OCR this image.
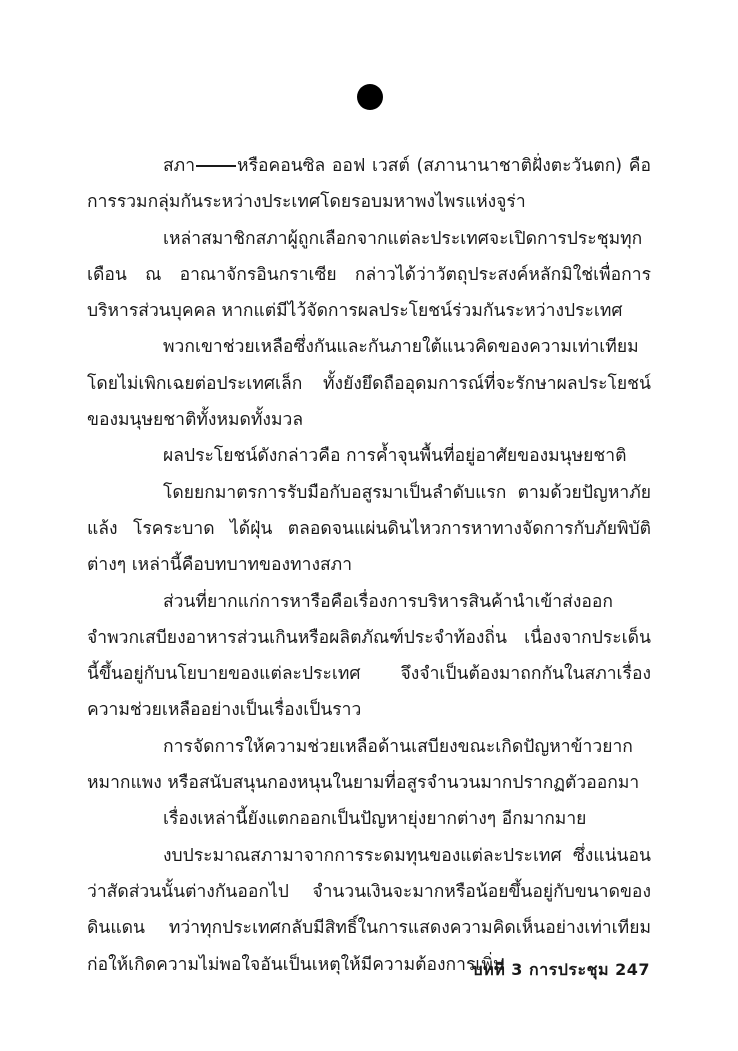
สภา หรือคอนซิล ออฟ เวสต์ (สภานานาชาติฝั่งตะวันตก) คือการรวมกลุ่มกันระหว่างประเทศโดยรอบมหาพงไพรแห่งจูร่า

เหล่าสมาชิกสภาผู้ถูกเลือกจากแต่ละประเทศจะเปิดการประชุมทุกเดือน ณ อาณาจักรอินกราเซีย กล่าวได้ว่าวัตถุประสงค์หลักมิใช่เพื่อการบริหารส่วนบุคคล หากแต่มีไว้จัดการผลประโยชน์ร่วมกันระหว่างประเทศ

พวกเขาช่วยเหลือซึ่งกันและกันภายใต้แนวคิดของความเท่าเทียม โดยไม่เพิกเฉยต่อประเทศเล็ก ทั้งยังยึดถืออุดมการณ์ที่จะรักษาผลประโยชน์ของมนุษยชาติทั้งหมดทั้งมวล

ผลประโยชน์ดังกล่าวคือ การค้ำจุนพื้นที่อยู่อาศัยของมนุษยชาติ

โดยยกมาตรการรับมือกับอสูรมาเป็นลำดับแรก ตามด้วยปัญหาภัยแล้ง โรคระบาด ได้ฝุ่น ตลอดจนแผ่นดินไหวการหาทางจัดการกับภัยพิบัติต่างๆ เหล่านี้คือบทบาทของทางสภา

ส่วนที่ยากแก่การหารือคือเรื่องการบริหารสินค้านำเข้าส่งออกจำพวกเสบียงอาหารส่วนเกินหรือผลิตภัณฑ์ประจำท้องถิ่น เนื่องจากประเด็นนี้ขึ้นอยู่กับนโยบายของแต่ละประเทศ จึงจำเป็นต้องมาถกกันในสภาเรื่องความช่วยเหลืออย่างเป็นเรื่องเป็นราว

การจัดการให้ความช่วยเหลือด้านเสบียงขณะเกิดปัญหาข้าวยากหมากแพง หรือสนับสนุนกองหนุนในยามที่อสูรจำนวนมากปรากฏตัวออกมา

เรื่องเหล่านี้ยังแตกออกเป็นปัญหายุ่งยากต่างๆ อีกมากมาย

งบประมาณสภามาจากการระดมทุนของแต่ละประเทศ ซึ่งแน่นอนว่าสัดส่วนนั้นต่างกันออกไป จำนวนเงินจะมากหรือน้อยขึ้นอยู่กับขนาดของดินแดน ทว่าทุกประเทศกลับมีสิทธิ์ในการแสดงความคิดเห็นอย่างเท่าเทียม ก่อให้เกิดความไม่พอใจอันเป็นเหตุให้มีความต้องการเพิ่ม

บทที่ 3 การประชุม 247
